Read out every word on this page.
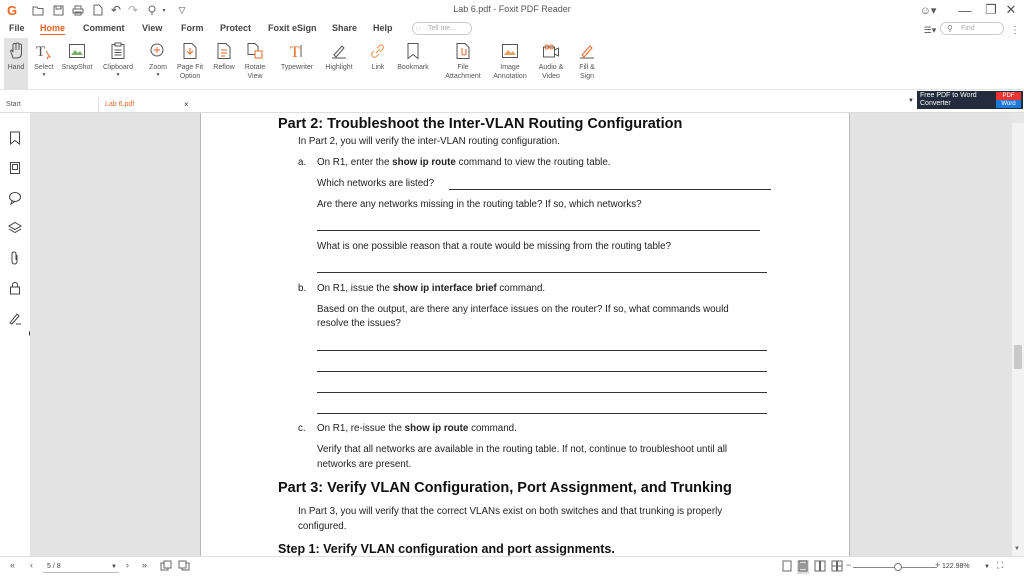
G	↶ ↷	▾ ▽	Lab 6.pdf - Foxit PDF Reader	☺▾	—	❐ ✕
File Home Comment View Form Protect Foxit eSign Share Help	◌ Tell me...	☰▾ ⚲ Find	⋮
Hand
T
Select
▼
SnapShot Clipboard
▼
Zoom
▼
Page Fit Option
Reflow	Rotate View
T
Typewriter Highlight	Link Bookmark	File Attachment
Image Annotation
Audio & Video
Fill & Sign
Start	Lab 6.pdf	×	▼
Free PDF to Word Converter
PDF
Word
Part 2: Troubleshoot the Inter-VLAN Routing Configuration
In Part 2, you will verify the inter-VLAN routing configuration.
a. On R1, enter the show ip route command to view the routing table.
Which networks are listed?
Are there any networks missing in the routing table? If so, which networks?
What is one possible reason that a route would be missing from the routing table?
b. On R1, issue the show ip interface brief command.
Based on the output, are there any interface issues on the router? If so, what commands would
resolve the issues?
c. On R1, re-issue the show ip route command.
Verify that all networks are available in the routing table. If not, continue to troubleshoot until all
networks are present.
Part 3: Verify VLAN Configuration, Port Assignment, and Trunking
In Part 3, you will verify that the correct VLANs exist on both switches and that trunking is properly
configured.
Step 1: Verify VLAN configuration and port assignments.	▼
« ‹	5 / 8	▼ › »	−	+ 122.98% ▼ ⛶
